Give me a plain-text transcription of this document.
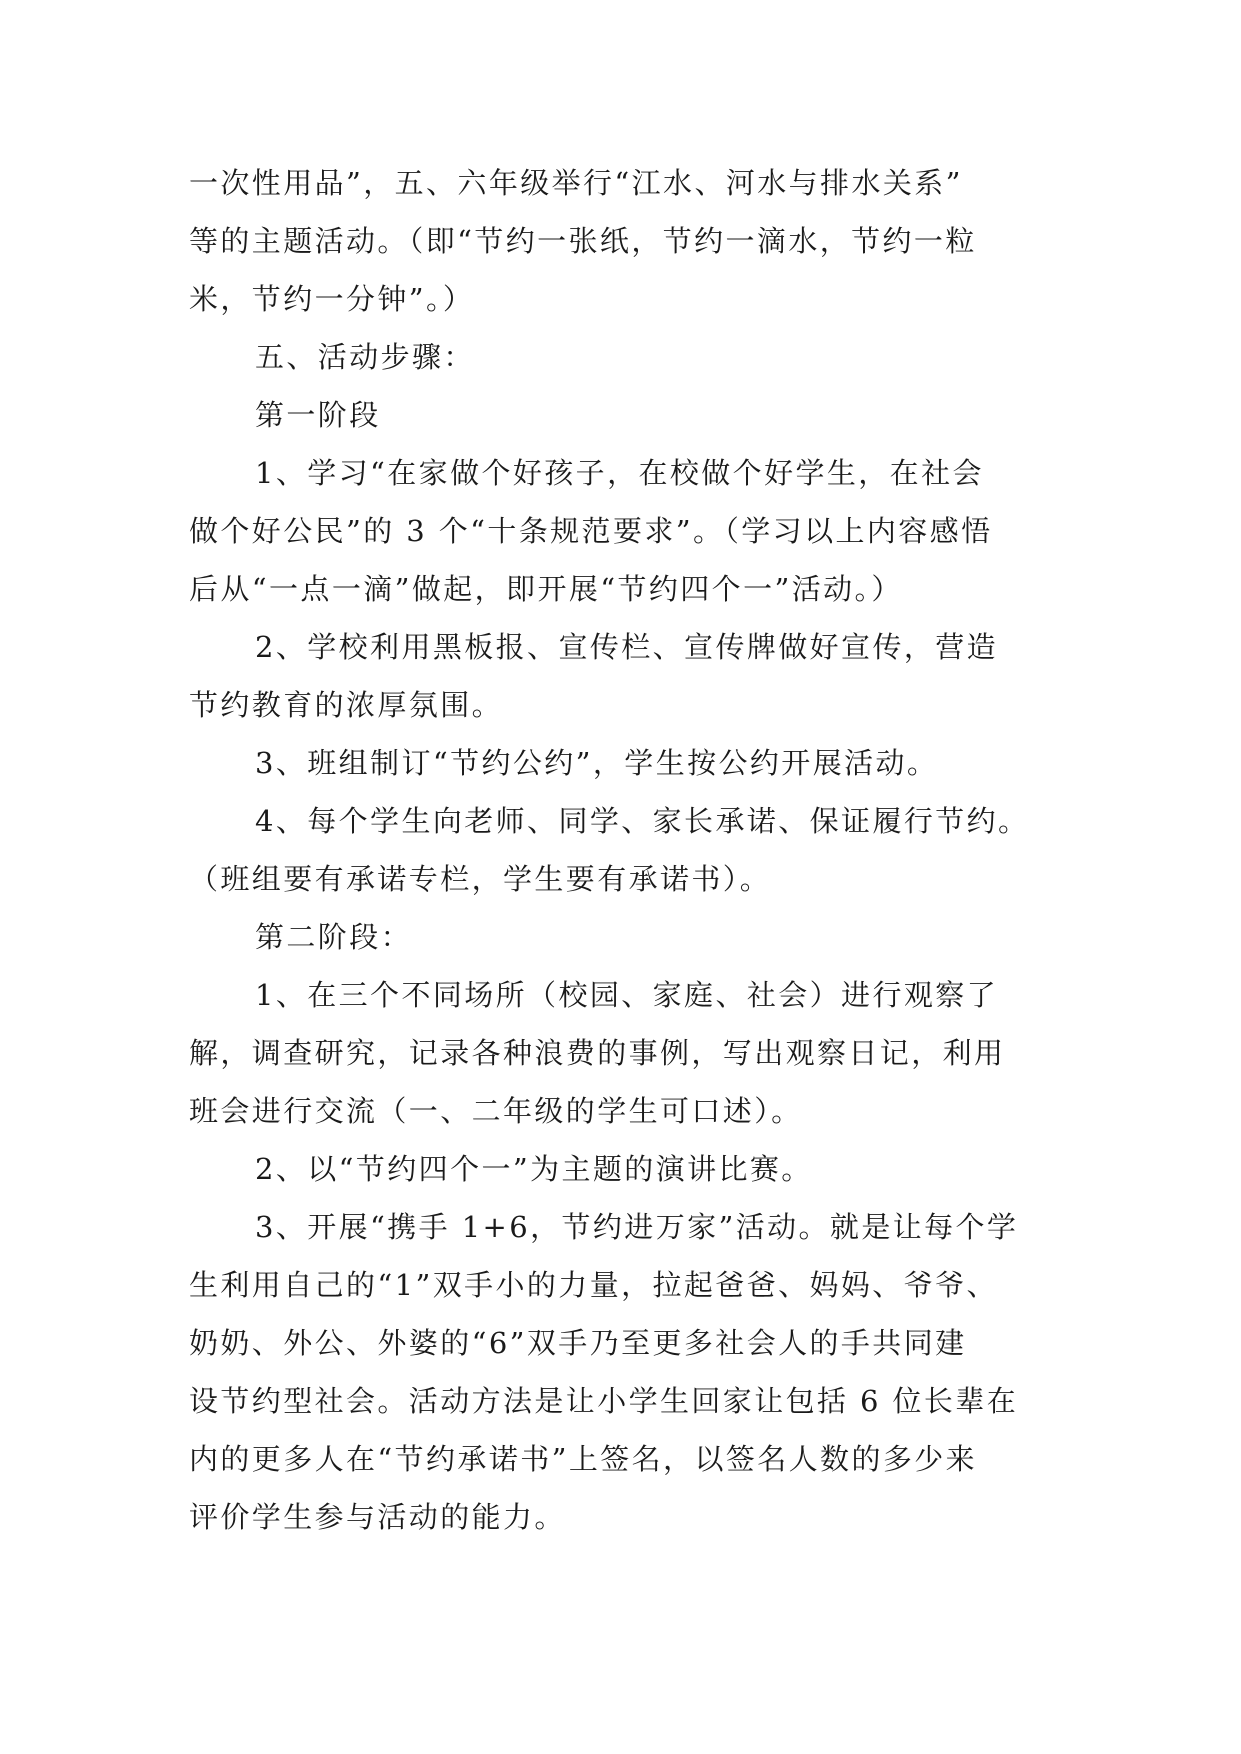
一次性用品”，五、六年级举行“江水、河水与排水关系”
等的主题活动。（即“节约一张纸，节约一滴水，节约一粒
米，节约一分钟”。）
五、活动步骤：
第一阶段
1、学习“在家做个好孩子，在校做个好学生，在社会
做个好公民”的 3 个“十条规范要求”。（学习以上内容感悟
后从“一点一滴”做起，即开展“节约四个一”活动。）
2、学校利用黑板报、宣传栏、宣传牌做好宣传，营造
节约教育的浓厚氛围。
3、班组制订“节约公约”，学生按公约开展活动。
4、每个学生向老师、同学、家长承诺、保证履行节约。
（班组要有承诺专栏，学生要有承诺书）。
第二阶段：
1、在三个不同场所（校园、家庭、社会）进行观察了
解，调查研究，记录各种浪费的事例，写出观察日记，利用
班会进行交流（一、二年级的学生可口述）。
2、以“节约四个一”为主题的演讲比赛。
3、开展“携手 1+6，节约进万家”活动。就是让每个学
生利用自己的“1”双手小的力量，拉起爸爸、妈妈、爷爷、
奶奶、外公、外婆的“6”双手乃至更多社会人的手共同建
设节约型社会。活动方法是让小学生回家让包括 6 位长辈在
内的更多人在“节约承诺书”上签名，以签名人数的多少来
评价学生参与活动的能力。
